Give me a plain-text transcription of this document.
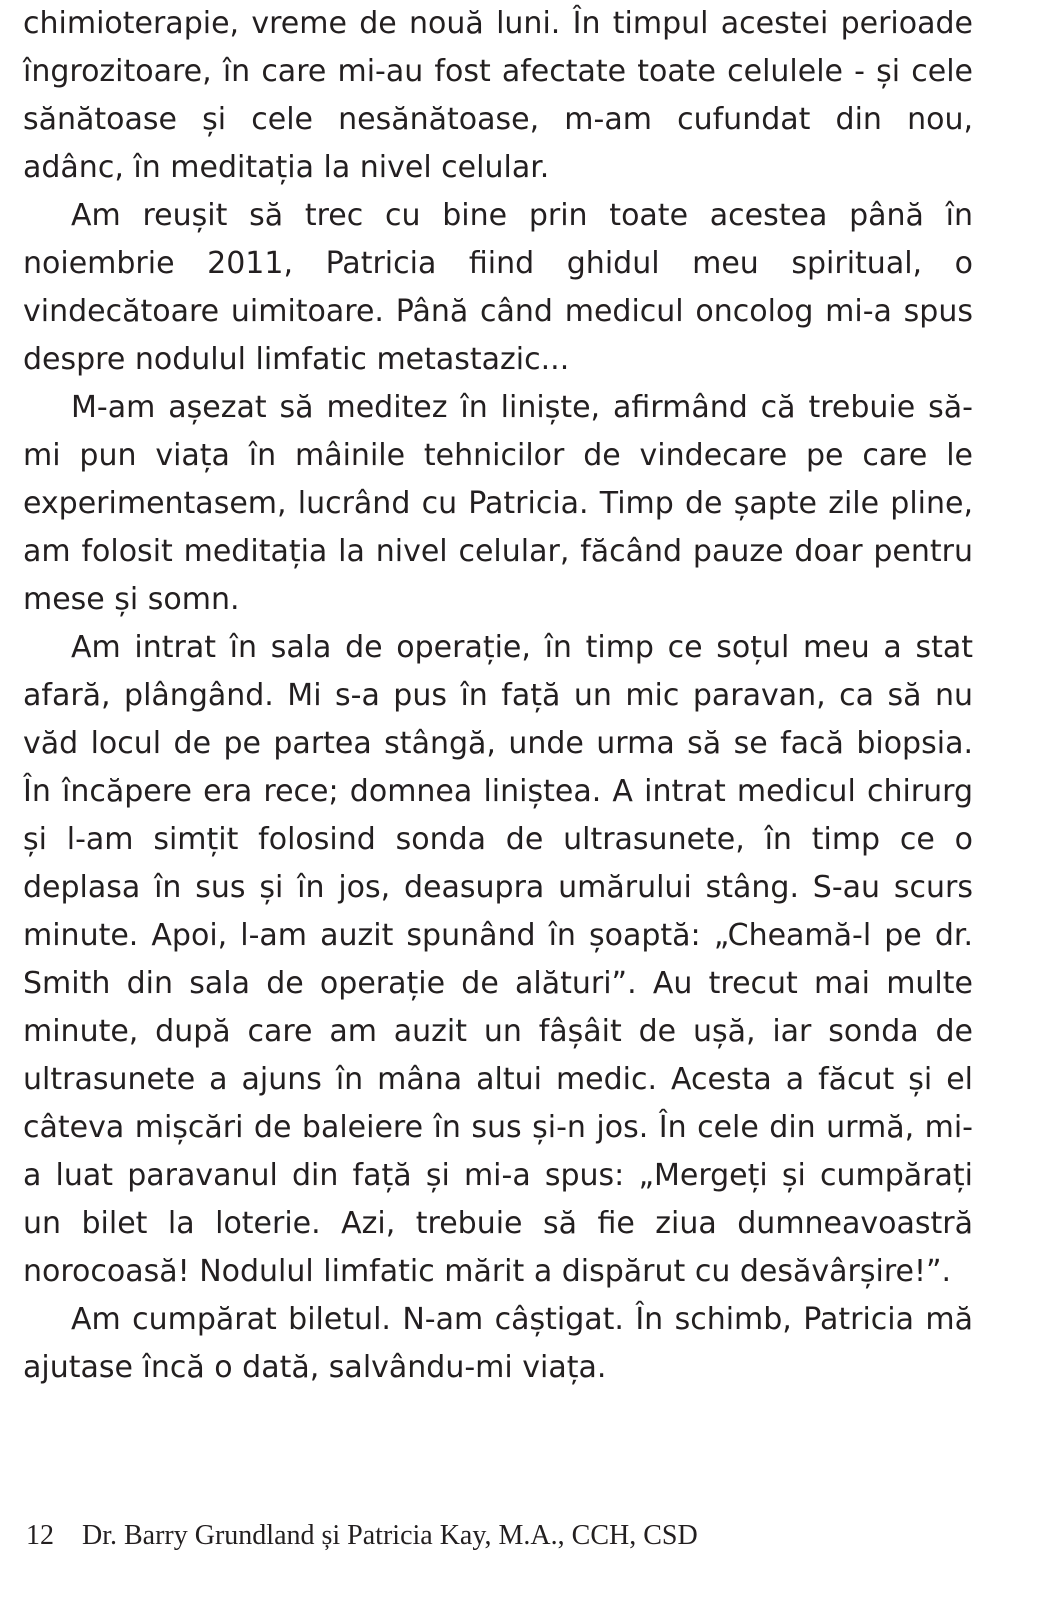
chimioterapie, vreme de nouă luni. În timpul acestei perioade îngrozitoare, în care mi-au fost afectate toate celulele - și cele sănătoase și cele nesănătoase, m-am cufundat din nou, adânc, în meditația la nivel celular.

Am reușit să trec cu bine prin toate acestea până în noiembrie 2011, Patricia fiind ghidul meu spiritual, o vindecătoare uimitoare. Până când medicul oncolog mi-a spus despre nodulul limfatic metastazic...

M-am așezat să meditez în liniște, afirmând că trebuie să-mi pun viața în mâinile tehnicilor de vindecare pe care le experimentasem, lucrând cu Patricia. Timp de șapte zile pline, am folosit meditația la nivel celular, făcând pauze doar pentru mese și somn.

Am intrat în sala de operație, în timp ce soțul meu a stat afară, plângând. Mi s-a pus în față un mic paravan, ca să nu văd locul de pe partea stângă, unde urma să se facă biopsia. În încăpere era rece; domnea liniștea. A intrat medicul chirurg și l-am simțit folosind sonda de ultrasunete, în timp ce o deplasa în sus și în jos, deasupra umărului stâng. S-au scurs minute. Apoi, l-am auzit spunând în șoaptă: „Cheamă-l pe dr. Smith din sala de operație de alături”. Au trecut mai multe minute, după care am auzit un fâșâit de ușă, iar sonda de ultrasunete a ajuns în mâna altui medic. Acesta a făcut și el câteva mișcări de baleiere în sus și-n jos. În cele din urmă, mi-a luat paravanul din față și mi-a spus: „Mergeți și cumpărați un bilet la loterie. Azi, trebuie să fie ziua dumneavoastră norocoasă! Nodulul limfatic mărit a dispărut cu desăvârșire!”.

Am cumpărat biletul. N-am câștigat. În schimb, Patricia mă ajutase încă o dată, salvându-mi viața.

12 Dr. Barry Grundland și Patricia Kay, M.A., CCH, CSD
